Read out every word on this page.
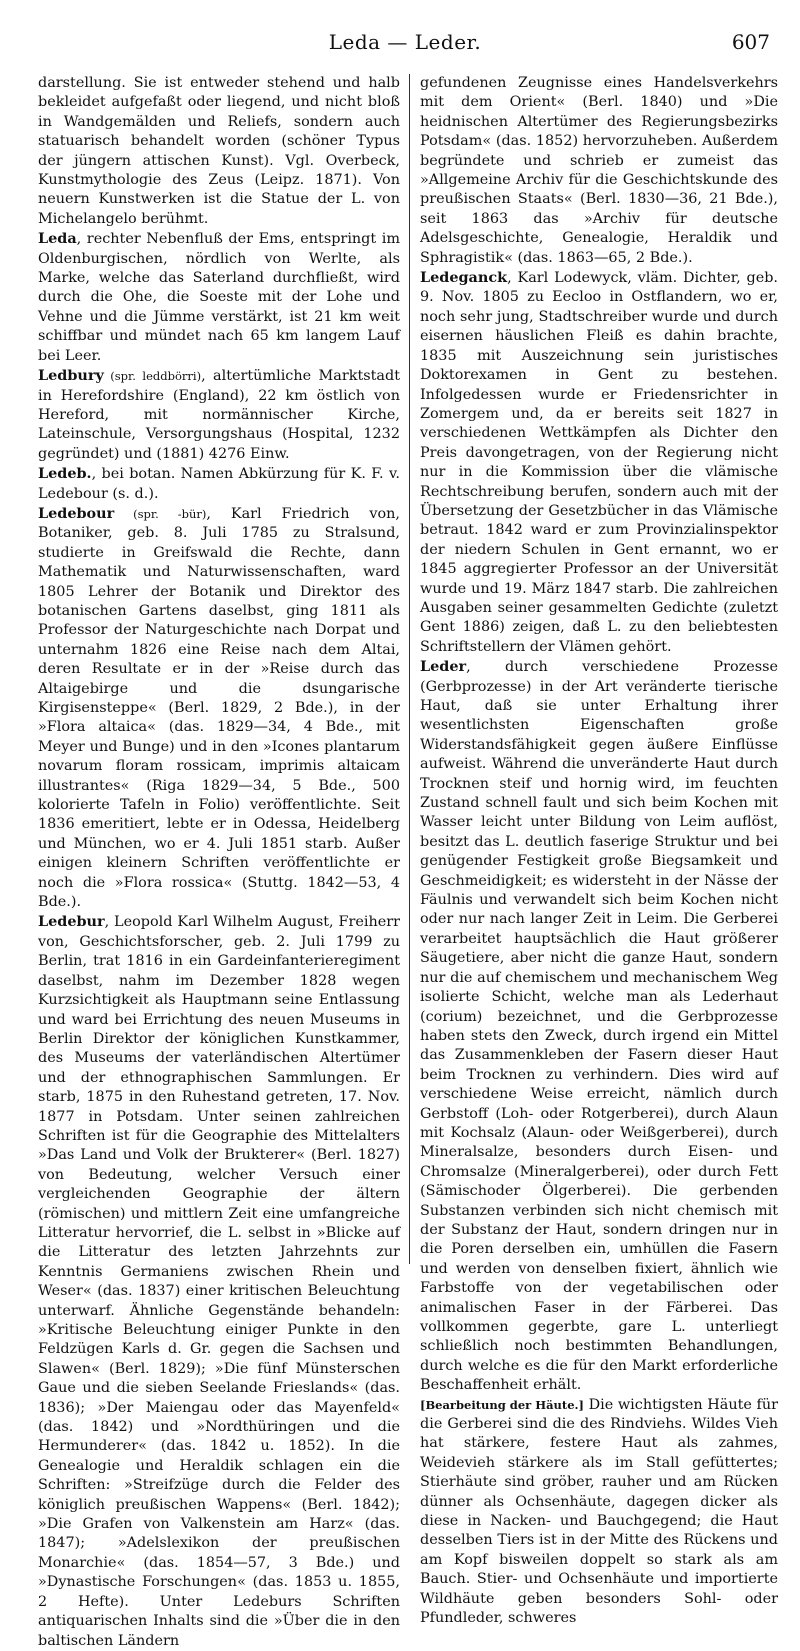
Leda — Leder.	607

darstellung. Sie ist entweder stehend und halb bekleidet aufgefaßt oder liegend, und nicht bloß in Wandgemälden und Reliefs, sondern auch statuarisch behandelt worden (schöner Typus der jüngern attischen Kunst). Vgl. Overbeck, Kunstmythologie des Zeus (Leipz. 1871). Von neuern Kunstwerken ist die Statue der L. von Michelangelo berühmt.

Leda, rechter Nebenfluß der Ems, entspringt im Oldenburgischen, nördlich von Werlte, als Marke, welche das Saterland durchfließt, wird durch die Ohe, die Soeste mit der Lohe und Vehne und die Jümme verstärkt, ist 21 km weit schiffbar und mündet nach 65 km langem Lauf bei Leer.

Ledbury (spr. leddbörri), altertümliche Marktstadt in Herefordshire (England), 22 km östlich von Hereford, mit normännischer Kirche, Lateinschule, Versorgungshaus (Hospital, 1232 gegründet) und (1881) 4276 Einw.

Ledeb., bei botan. Namen Abkürzung für K. F. v. Ledebour (s. d.).

Ledebour (spr. -bür), Karl Friedrich von, Botaniker, geb. 8. Juli 1785 zu Stralsund, studierte in Greifswald die Rechte, dann Mathematik und Naturwissenschaften, ward 1805 Lehrer der Botanik und Direktor des botanischen Gartens daselbst, ging 1811 als Professor der Naturgeschichte nach Dorpat und unternahm 1826 eine Reise nach dem Altai, deren Resultate er in der »Reise durch das Altaigebirge und die dsungarische Kirgisensteppe« (Berl. 1829, 2 Bde.), in der »Flora altaica« (das. 1829—34, 4 Bde., mit Meyer und Bunge) und in den »Icones plantarum novarum floram rossicam, imprimis altaicam illustrantes« (Riga 1829—34, 5 Bde., 500 kolorierte Tafeln in Folio) veröffentlichte. Seit 1836 emeritiert, lebte er in Odessa, Heidelberg und München, wo er 4. Juli 1851 starb. Außer einigen kleinern Schriften veröffentlichte er noch die »Flora rossica« (Stuttg. 1842—53, 4 Bde.).

Ledebur, Leopold Karl Wilhelm August, Freiherr von, Geschichtsforscher, geb. 2. Juli 1799 zu Berlin, trat 1816 in ein Gardeinfanterieregiment daselbst, nahm im Dezember 1828 wegen Kurzsichtigkeit als Hauptmann seine Entlassung und ward bei Errichtung des neuen Museums in Berlin Direktor der königlichen Kunstkammer, des Museums der vaterländischen Altertümer und der ethnographischen Sammlungen. Er starb, 1875 in den Ruhestand getreten, 17. Nov. 1877 in Potsdam. Unter seinen zahlreichen Schriften ist für die Geographie des Mittelalters »Das Land und Volk der Brukterer« (Berl. 1827) von Bedeutung, welcher Versuch einer vergleichenden Geographie der ältern (römischen) und mittlern Zeit eine umfangreiche Litteratur hervorrief, die L. selbst in »Blicke auf die Litteratur des letzten Jahrzehnts zur Kenntnis Germaniens zwischen Rhein und Weser« (das. 1837) einer kritischen Beleuchtung unterwarf. Ähnliche Gegenstände behandeln: »Kritische Beleuchtung einiger Punkte in den Feldzügen Karls d. Gr. gegen die Sachsen und Slawen« (Berl. 1829); »Die fünf Münsterschen Gaue und die sieben Seelande Frieslands« (das. 1836); »Der Maiengau oder das Mayenfeld« (das. 1842) und »Nordthüringen und die Hermunderer« (das. 1842 u. 1852). In die Genealogie und Heraldik schlagen ein die Schriften: »Streifzüge durch die Felder des königlich preußischen Wappens« (Berl. 1842); »Die Grafen von Valkenstein am Harz« (das. 1847); »Adelslexikon der preußischen Monarchie« (das. 1854—57, 3 Bde.) und »Dynastische Forschungen« (das. 1853 u. 1855, 2 Hefte). Unter Ledeburs Schriften antiquarischen Inhalts sind die »Über die in den baltischen Ländern

gefundenen Zeugnisse eines Handelsverkehrs mit dem Orient« (Berl. 1840) und »Die heidnischen Altertümer des Regierungsbezirks Potsdam« (das. 1852) hervorzuheben. Außerdem begründete und schrieb er zumeist das »Allgemeine Archiv für die Geschichtskunde des preußischen Staats« (Berl. 1830—36, 21 Bde.), seit 1863 das »Archiv für deutsche Adelsgeschichte, Genealogie, Heraldik und Sphragistik« (das. 1863—65, 2 Bde.).

Ledeganck, Karl Lodewyck, vläm. Dichter, geb. 9. Nov. 1805 zu Eecloo in Ostflandern, wo er, noch sehr jung, Stadtschreiber wurde und durch eisernen häuslichen Fleiß es dahin brachte, 1835 mit Auszeichnung sein juristisches Doktorexamen in Gent zu bestehen. Infolgedessen wurde er Friedensrichter in Zomergem und, da er bereits seit 1827 in verschiedenen Wettkämpfen als Dichter den Preis davongetragen, von der Regierung nicht nur in die Kommission über die vlämische Rechtschreibung berufen, sondern auch mit der Übersetzung der Gesetzbücher in das Vlämische betraut. 1842 ward er zum Provinzialinspektor der niedern Schulen in Gent ernannt, wo er 1845 aggregierter Professor an der Universität wurde und 19. März 1847 starb. Die zahlreichen Ausgaben seiner gesammelten Gedichte (zuletzt Gent 1886) zeigen, daß L. zu den beliebtesten Schriftstellern der Vlämen gehört.

Leder, durch verschiedene Prozesse (Gerbprozesse) in der Art veränderte tierische Haut, daß sie unter Erhaltung ihrer wesentlichsten Eigenschaften große Widerstandsfähigkeit gegen äußere Einflüsse aufweist. Während die unveränderte Haut durch Trocknen steif und hornig wird, im feuchten Zustand schnell fault und sich beim Kochen mit Wasser leicht unter Bildung von Leim auflöst, besitzt das L. deutlich faserige Struktur und bei genügender Festigkeit große Biegsamkeit und Geschmeidigkeit; es widersteht in der Nässe der Fäulnis und verwandelt sich beim Kochen nicht oder nur nach langer Zeit in Leim. Die Gerberei verarbeitet hauptsächlich die Haut größerer Säugetiere, aber nicht die ganze Haut, sondern nur die auf chemischem und mechanischem Weg isolierte Schicht, welche man als Lederhaut (corium) bezeichnet, und die Gerbprozesse haben stets den Zweck, durch irgend ein Mittel das Zusammenkleben der Fasern dieser Haut beim Trocknen zu verhindern. Dies wird auf verschiedene Weise erreicht, nämlich durch Gerbstoff (Loh- oder Rotgerberei), durch Alaun mit Kochsalz (Alaun- oder Weißgerberei), durch Mineralsalze, besonders durch Eisen- und Chromsalze (Mineralgerberei), oder durch Fett (Sämischoder Ölgerberei). Die gerbenden Substanzen verbinden sich nicht chemisch mit der Substanz der Haut, sondern dringen nur in die Poren derselben ein, umhüllen die Fasern und werden von denselben fixiert, ähnlich wie Farbstoffe von der vegetabilischen oder animalischen Faser in der Färberei. Das vollkommen gegerbte, gare L. unterliegt schließlich noch bestimmten Behandlungen, durch welche es die für den Markt erforderliche Beschaffenheit erhält.

[Bearbeitung der Häute.] Die wichtigsten Häute für die Gerberei sind die des Rindviehs. Wildes Vieh hat stärkere, festere Haut als zahmes, Weidevieh stärkere als im Stall gefüttertes; Stierhäute sind gröber, rauher und am Rücken dünner als Ochsenhäute, dagegen dicker als diese in Nacken- und Bauchgegend; die Haut desselben Tiers ist in der Mitte des Rückens und am Kopf bisweilen doppelt so stark als am Bauch. Stier- und Ochsenhäute und importierte Wildhäute geben besonders Sohl- oder Pfundleder, schweres
